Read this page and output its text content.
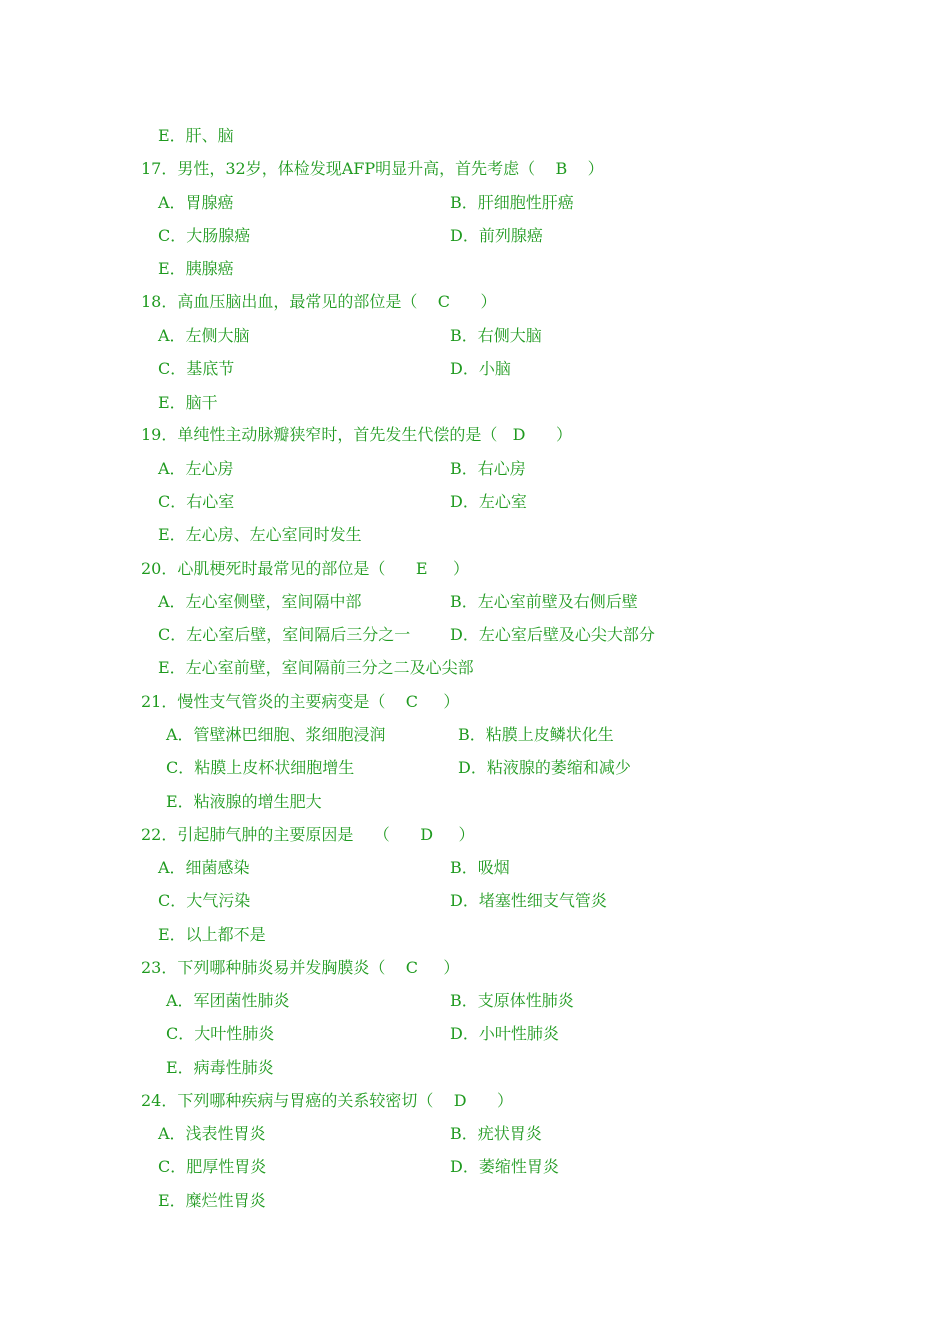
E．肝、脑
17．男性，32岁，体检发现AFP明显升高，首先考虑（    B    ）
A．胃腺癌	B．肝细胞性肝癌
C．大肠腺癌	D．前列腺癌
E．胰腺癌
18．高血压脑出血，最常见的部位是（    C      ）
A．左侧大脑	B．右侧大脑
C．基底节	D．小脑
E．脑干
19．单纯性主动脉瓣狭窄时，首先发生代偿的是（   D      ）
A．左心房	B．右心房
C．右心室	D．左心室
E．左心房、左心室同时发生
20．心肌梗死时最常见的部位是（      E     ）
A．左心室侧壁，室间隔中部	B．左心室前壁及右侧后壁
C．左心室后壁，室间隔后三分之一 D．左心室后壁及心尖大部分
E．左心室前壁，室间隔前三分之二及心尖部
21．慢性支气管炎的主要病变是（    C     ）
A．管壁淋巴细胞、浆细胞浸润	B．粘膜上皮鳞状化生
C．粘膜上皮杯状细胞增生	D．粘液腺的萎缩和减少
E．粘液腺的增生肥大
22．引起肺气肿的主要原因是    （      D     ）
A．细菌感染	B．吸烟
C．大气污染	D．堵塞性细支气管炎
E．以上都不是
23．下列哪种肺炎易并发胸膜炎（    C     ）
A．军团菌性肺炎	B．支原体性肺炎
C．大叶性肺炎	D．小叶性肺炎
E．病毒性肺炎
24．下列哪种疾病与胃癌的关系较密切（    D      ）
A．浅表性胃炎	B．疣状胃炎
C．肥厚性胃炎	D．萎缩性胃炎
E．糜烂性胃炎
